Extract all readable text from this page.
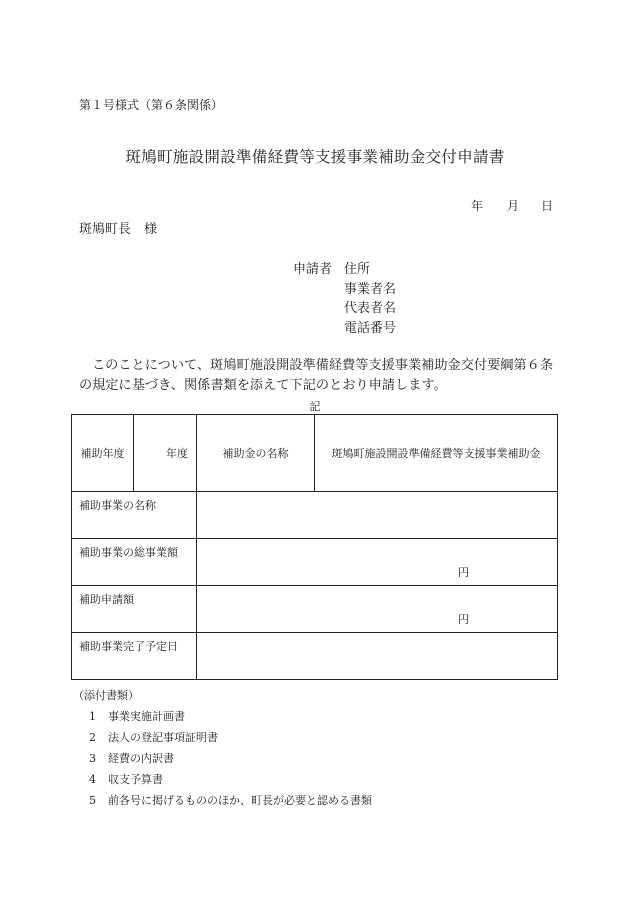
第１号様式（第６条関係）
斑鳩町施設開設準備経費等支援事業補助金交付申請書
年 月 日
斑鳩町長　様
申請者 住所
事業者名
代表者名
電話番号
このことについて、斑鳩町施設開設準備経費等支援事業補助金交付要綱第６条の規定に基づき、関係書類を添えて下記のとおり申請します。
記
補助年度	年度	補助金の名称	斑鳩町施設開設準備経費等支援事業補助金

補助事業の名称			

補助事業の総事業額		円	

補助申請額		円	

補助事業完了予定日			

（添付書類）
1 事業実施計画書
2 法人の登記事項証明書
3 経費の内訳書
4 収支予算書
5 前各号に掲げるもののほか、町長が必要と認める書類
